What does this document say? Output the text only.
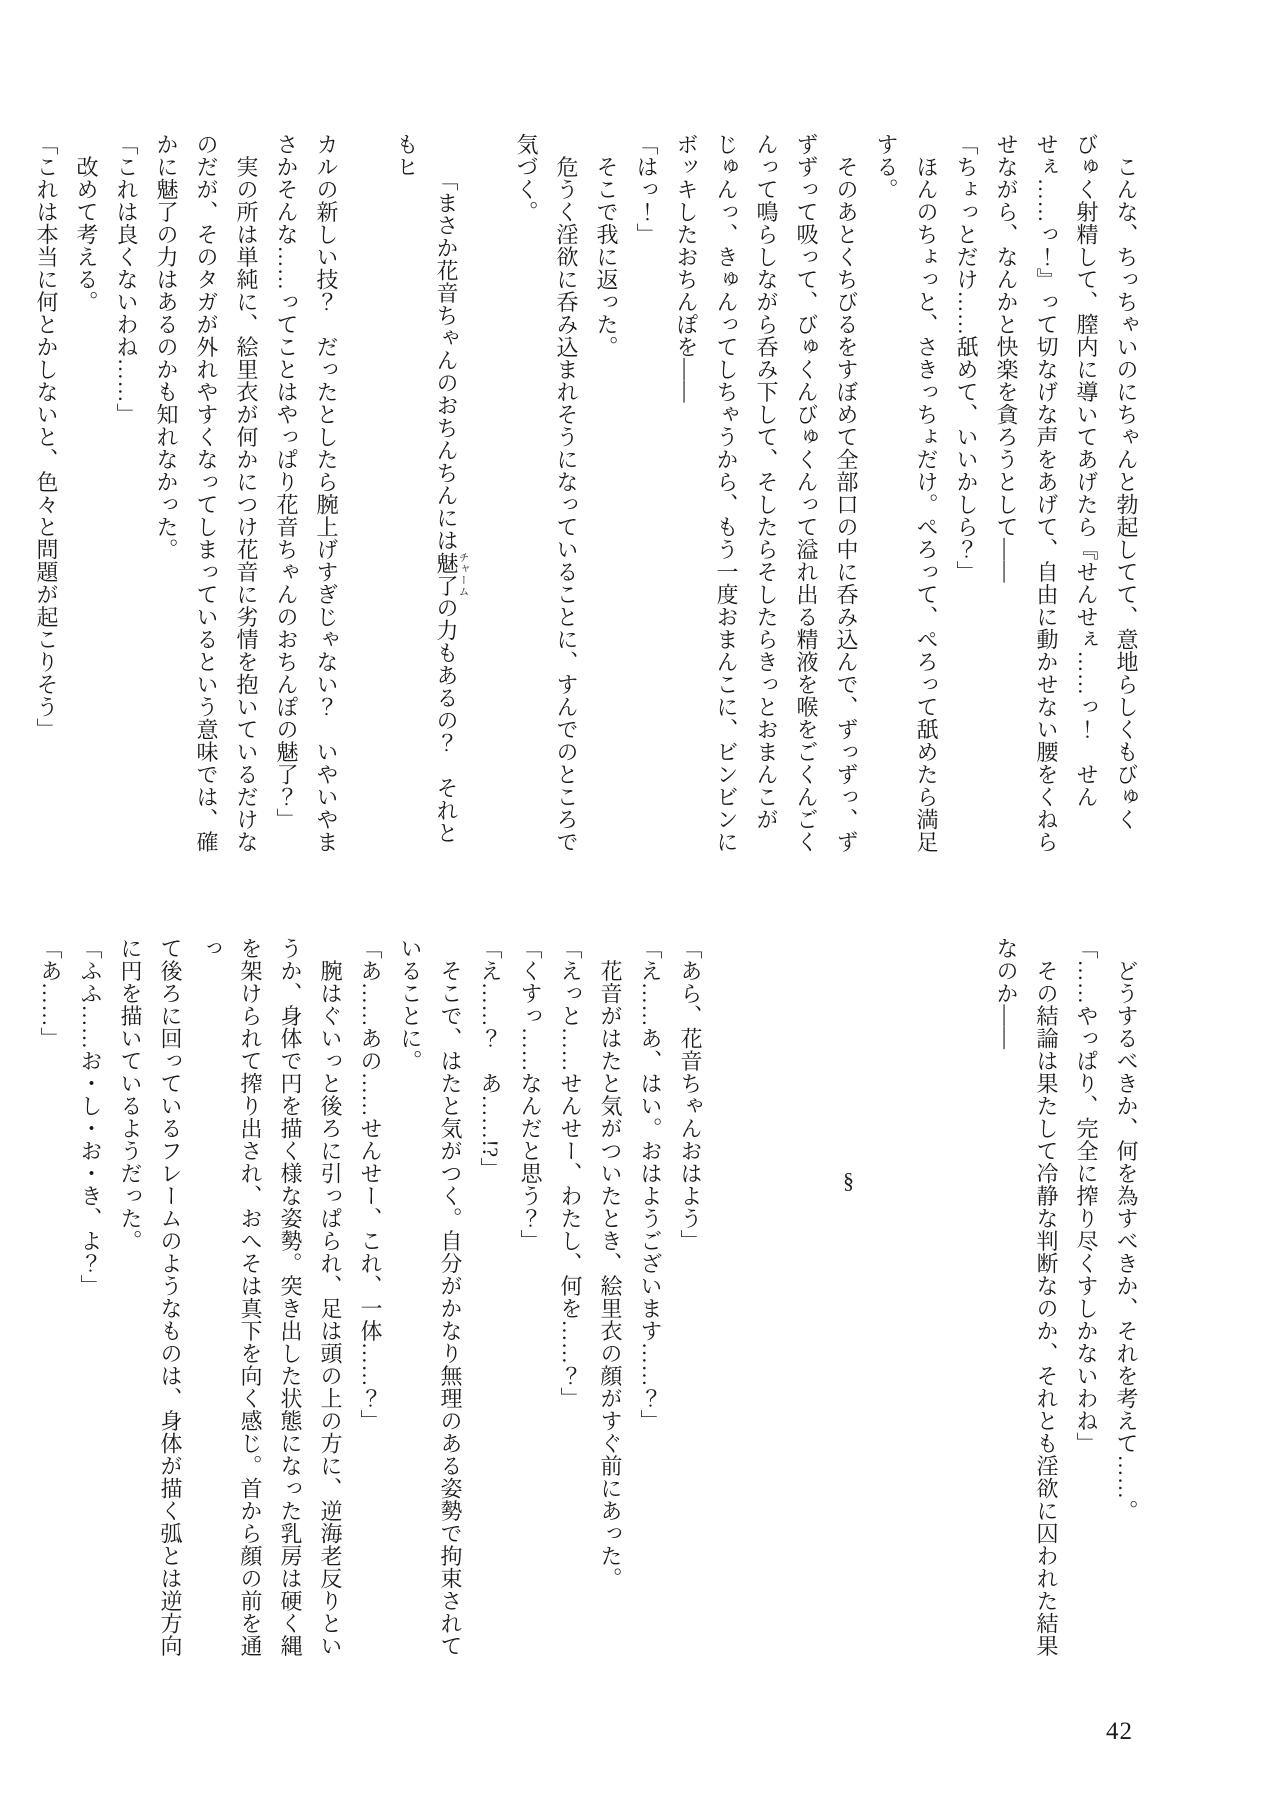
　こんな、ちっちゃいのにちゃんと勃起してて、意地らしくもびゅく
びゅく射精して、膣内に導いてあげたら『せんせぇ……っ！　せん
せぇ……っ！』って切なげな声をあげて、自由に動かせない腰をくねら
せながら、なんかと快楽を貪ろうとして――
「ちょっとだけ……舐めて、いいかしら？」
　ほんのちょっと、さきっちょだけ。ぺろって、ぺろって舐めたら満足
する。
　そのあとくちびるをすぼめて全部口の中に呑み込んで、ずっずっ、ず
ずずって吸って、びゅくんびゅくんって溢れ出る精液を喉をごくんごく
んって鳴らしながら呑み下して、そしたらそしたらきっとおまんこが
じゅんっ、きゅんってしちゃうから、もう一度おまんこに、ビンビンに
ボッキしたおちんぽを――
「はっ！」
　そこで我に返った。
　危うく淫欲に呑み込まれそうになっていることに、すんでのところで
気づく。

「まさか花音ちゃんのおちんちんには魅了チャームの力もあるの？　それともヒ

カルの新しい技？　だったとしたら腕上げすぎじゃない？　いやいやま
さかそんな……ってことはやっぱり花音ちゃんのおちんぽの魅了？」
　実の所は単純に、絵里衣が何かにつけ花音に劣情を抱いているだけな
のだが、そのタガが外れやすくなってしまっているという意味では、確
かに魅了の力はあるのかも知れなかった。
「これは良くないわね……」
　改めて考える。
「これは本当に何とかしないと、色々と問題が起こりそう」
　どうするべきか、何を為すべきか、それを考えて……。
「……やっぱり、完全に搾り尽くすしかないわね」
　その結論は果たして冷静な判断なのか、それとも淫欲に囚われた結果
なのか――

§

「あら、花音ちゃんおはよう」
「え……あ、はい。おはようございます……？」
　花音がはたと気がついたとき、絵里衣の顔がすぐ前にあった。
「えっと……せんせー、わたし、何を……？」
「くすっ……なんだと思う？」
「え……？　あ……!?」
　そこで、はたと気がつく。自分がかなり無理のある姿勢で拘束されて
いることに。
「あ……あの……せんせー、これ、一体……？」
　腕はぐいっと後ろに引っぱられ、足は頭の上の方に、逆海老反りとい
うか、身体で円を描く様な姿勢。突き出した状態になった乳房は硬く縄
を架けられて搾り出され、おへそは真下を向く感じ。首から顔の前を通っ
て後ろに回っているフレームのようなものは、身体が描く弧とは逆方向
に円を描いているようだった。
「ふふ……お・し・お・き、よ？」
「あ……」
42
